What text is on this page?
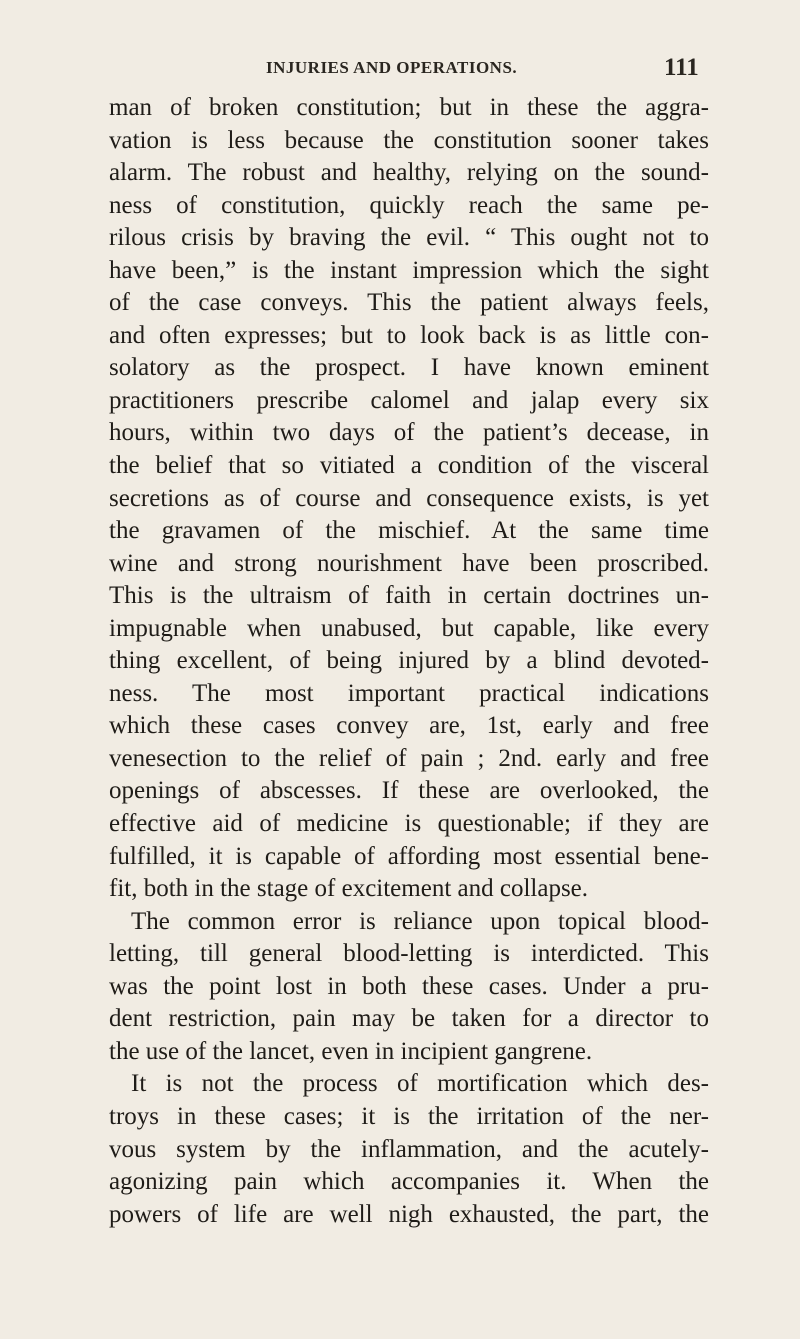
INJURIES AND OPERATIONS.	111
man of broken constitution; but in these the aggra-
vation is less because the constitution sooner takes
alarm. The robust and healthy, relying on the sound-
ness of constitution, quickly reach the same pe-
rilous crisis by braving the evil. “ This ought not to
have been,” is the instant impression which the sight
of the case conveys. This the patient always feels,
and often expresses; but to look back is as little con-
solatory as the prospect. I have known eminent
practitioners prescribe calomel and jalap every six
hours, within two days of the patient’s decease, in
the belief that so vitiated a condition of the visceral
secretions as of course and consequence exists, is yet
the gravamen of the mischief. At the same time
wine and strong nourishment have been proscribed.
This is the ultraism of faith in certain doctrines un-
impugnable when unabused, but capable, like every
thing excellent, of being injured by a blind devoted-
ness. The most important practical indications
which these cases convey are, 1st, early and free
venesection to the relief of pain ; 2nd. early and free
openings of abscesses. If these are overlooked, the
effective aid of medicine is questionable; if they are
fulfilled, it is capable of affording most essential bene-
fit, both in the stage of excitement and collapse.
The common error is reliance upon topical blood-
letting, till general blood-letting is interdicted. This
was the point lost in both these cases. Under a pru-
dent restriction, pain may be taken for a director to
the use of the lancet, even in incipient gangrene.
It is not the process of mortification which des-
troys in these cases; it is the irritation of the ner-
vous system by the inflammation, and the acutely-
agonizing pain which accompanies it. When the
powers of life are well nigh exhausted, the part, the
